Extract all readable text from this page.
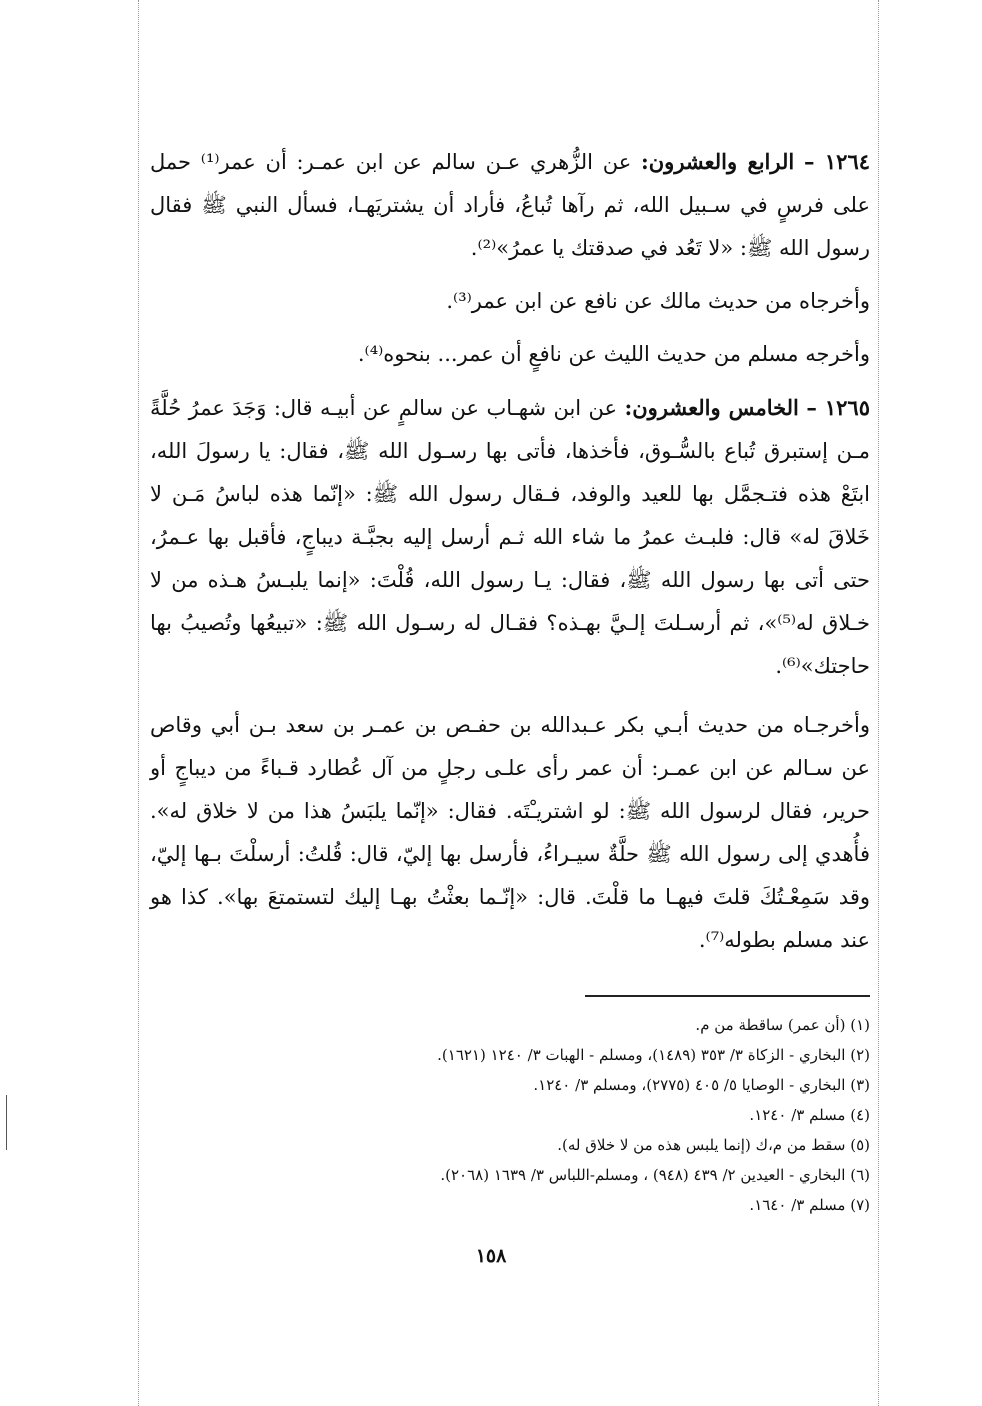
١٢٦٤ – الرابع والعشرون: عن الزُّهري عـن سالم عن ابن عمـر: أن عمر⁽¹⁾ حمل على فرسٍ في سـبيل الله، ثم رآها تُباعُ، فأراد أن يشتريَهـا، فسأل النبي ﷺ فقال رسول الله ﷺ: «لا تَعُد في صدقتك يا عمرُ»⁽²⁾.

وأخرجاه من حديث مالك عن نافع عن ابن عمر⁽³⁾.

وأخرجه مسلم من حديث الليث عن نافعٍ أن عمر... بنحوه⁽⁴⁾.

١٢٦٥ – الخامس والعشرون: عن ابن شهـاب عن سالمٍ عن أبيـه قال: وَجَدَ عمرُ حُلَّةً مـن إستبرق تُباع بالسُّـوق، فأخذها، فأتى بها رسـول الله ﷺ، فقال: يا رسولَ الله، ابتَعْ هذه فتـجمَّل بها للعيد والوفد، فـقال رسول الله ﷺ: «إنّما هذه لباسُ مَـن لا خَلاقَ له» قال: فلبـث عمرُ ما شاء الله ثـم أرسل إليه بجبَّـة ديباجٍ، فأقبل بها عـمرُ، حتى أتى بها رسول الله ﷺ، فقال: يـا رسول الله، قُلْتَ: «إنما يلبـسُ هـذه من لا خـلاق له⁽⁵⁾»، ثم أرسـلتَ إلـيَّ بهـذه؟ فقـال له رسـول الله ﷺ: «تبيعُها وتُصيبُ بها حاجتك»⁽⁶⁾.

وأخرجـاه من حديث أبـي بكر عـبدالله بن حفـص بن عمـر بن سعد بـن أبي وقاص عن سـالم عن ابن عمـر: أن عمر رأى علـى رجلٍ من آل عُطارد قـباءً من ديباجٍ أو حرير، فقال لرسول الله ﷺ: لو اشتريـْتَه. فقال: «إنّما يلبَسُ هذا من لا خلاق له». فأُهدي إلى رسول الله ﷺ حلَّةٌ سيـراءُ، فأرسل بها إليّ، قال: قُلتُ: أرسلْتَ بـها إليّ، وقد سَمِعْـتُكَ قلتَ فيهـا ما قلْتَ. قال: «إنّـما بعثْتُ بهـا إليك لتستمتعَ بها». كذا هو عند مسلم بطوله⁽⁷⁾.

(١) (أن عمر) ساقطة من م.
(٢) البخاري - الزكاة ٣/ ٣٥٣ (١٤٨٩)، ومسلم - الهبات ٣/ ١٢٤٠ (١٦٢١).
(٣) البخاري - الوصايا ٥/ ٤٠٥ (٢٧٧٥)، ومسلم ٣/ ١٢٤٠.
(٤) مسلم ٣/ ١٢٤٠.
(٥) سقط من م،ك (إنما يلبس هذه من لا خلاق له).
(٦) البخاري - العيدين ٢/ ٤٣٩ (٩٤٨) ، ومسلم-اللباس ٣/ ١٦٣٩ (٢٠٦٨).
(٧) مسلم ٣/ ١٦٤٠.
١٥٨
